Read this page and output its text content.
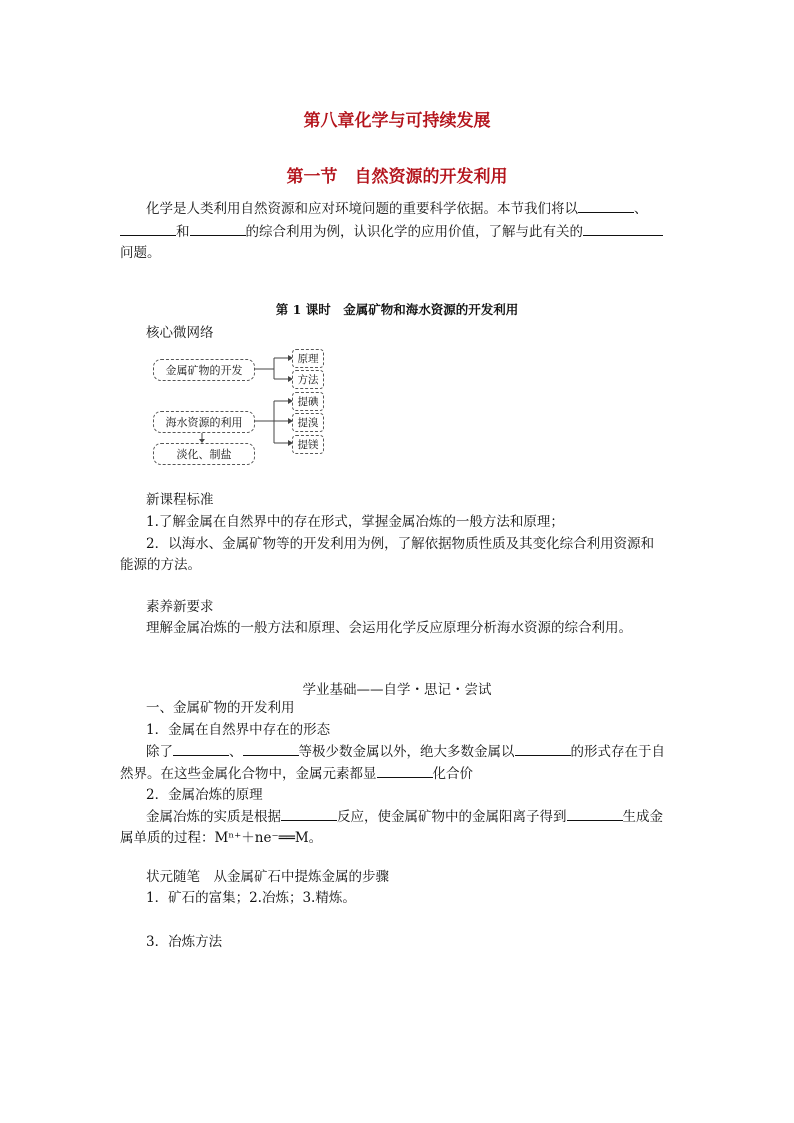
第八章化学与可持续发展
第一节　自然资源的开发利用
化学是人类利用自然资源和应对环境问题的重要科学依据。本节我们将以	、
和	的综合利用为例，认识化学的应用价值，了解与此有关的
问题。
第 1 课时　金属矿物和海水资源的开发利用
核心微网络
金属矿物的开发
原理
方法
海水资源的利用
提碘
提溴
提镁
淡化、制盐
新课程标准
1.了解金属在自然界中的存在形式，掌握金属冶炼的一般方法和原理；
2．以海水、金属矿物等的开发利用为例，了解依据物质性质及其变化综合利用资源和
能源的方法。
素养新要求
理解金属冶炼的一般方法和原理、会运用化学反应原理分析海水资源的综合利用。
学业基础——自学・思记・尝试
一、金属矿物的开发利用
1．金属在自然界中存在的形态
除了	、	等极少数金属以外，绝大多数金属以	的形式存在于自
然界。在这些金属化合物中，金属元素都显	化合价
2．金属冶炼的原理
金属冶炼的实质是根据	反应，使金属矿物中的金属阳离子得到	生成金
属单质的过程：Mⁿ⁺＋ne⁻══M。
状元随笔　从金属矿石中提炼金属的步骤
1．矿石的富集；2.冶炼；3.精炼。
3．冶炼方法
